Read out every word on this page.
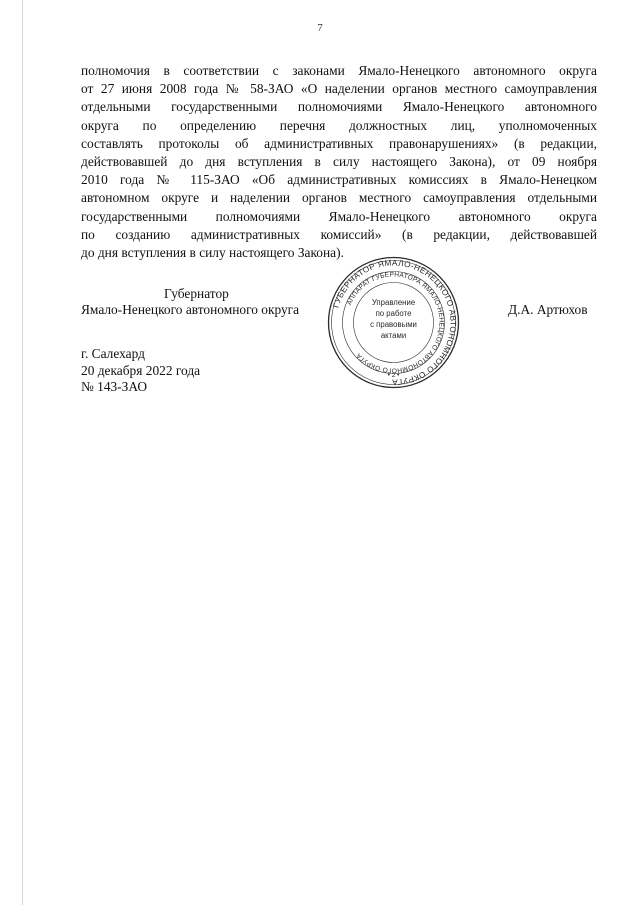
7
полномочия в соответствии с законами Ямало-Ненецкого автономного округа
от 27 июня 2008 года № 58-ЗАО «О наделении органов местного самоуправления
отдельными государственными полномочиями Ямало-Ненецкого автономного
округа по определению перечня должностных лиц, уполномоченных
составлять протоколы об административных правонарушениях» (в редакции,
действовавшей до дня вступления в силу настоящего Закона), от 09 ноября
2010 года № 115-ЗАО «Об административных комиссиях в Ямало-Ненецком
автономном округе и наделении органов местного самоуправления отдельными
государственными полномочиями Ямало-Ненецкого автономного округа
по созданию административных комиссий» (в редакции, действовавшей
до дня вступления в силу настоящего Закона).
Губернатор
Ямало-Ненецкого автономного округа	Д.А. Артюхов
ГУБЕРНАТОР ЯМАЛО-НЕНЕЦКОГО АВТОНОМНОГО ОКРУГА
АППАРАТ ГУБЕРНАТОРА ЯМАЛО-НЕНЕЦКОГО АВТОНОМНОГО ОКРУГА
• 2 •
Управление
по работе
с правовыми
актами
г. Салехард
20 декабря 2022 года
№ 143-ЗАО
